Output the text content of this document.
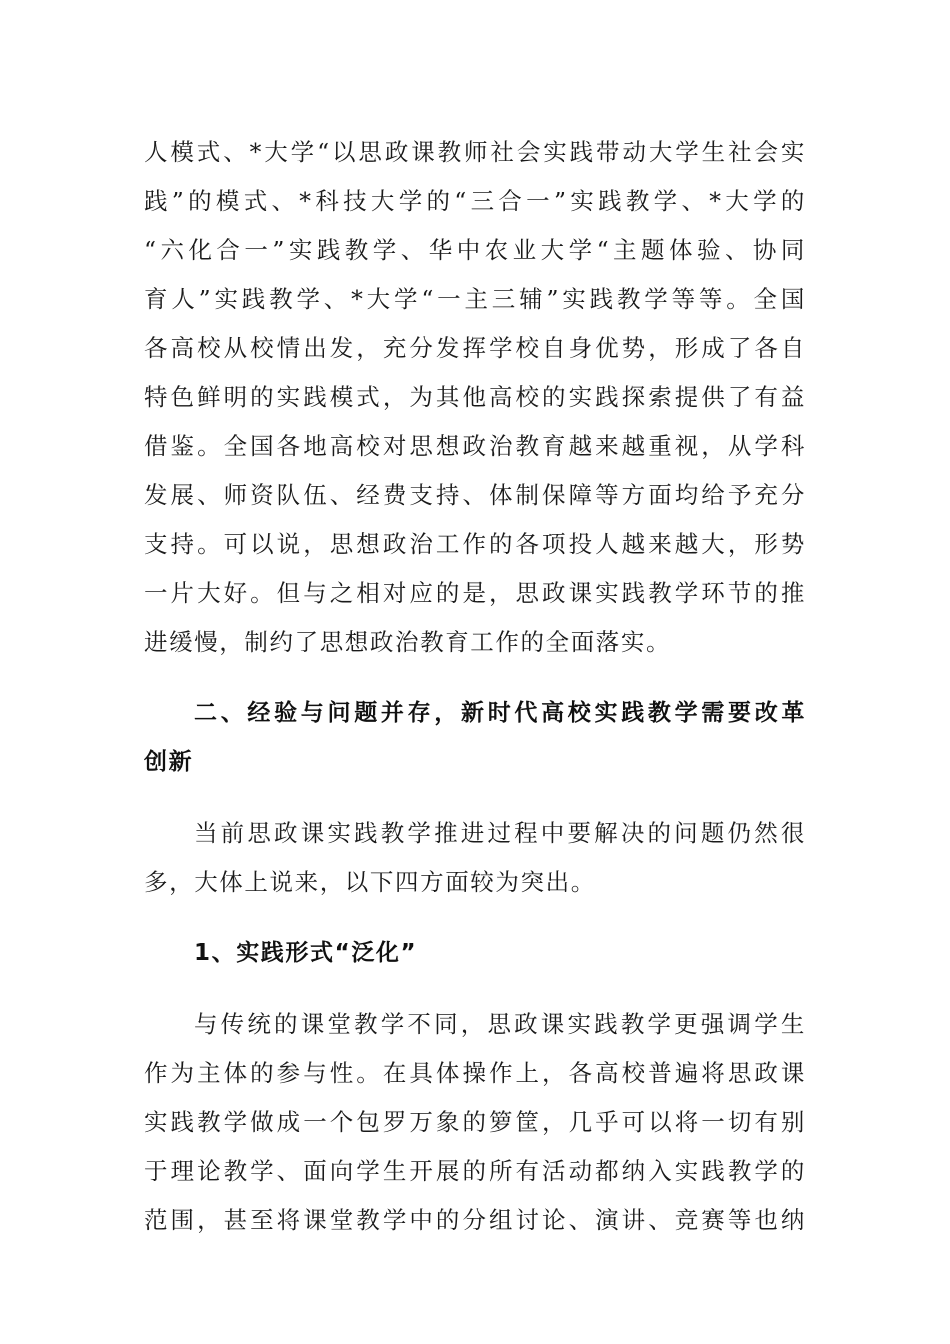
人模式、*大学“以思政课教师社会实践带动大学生社会实
践”的模式、*科技大学的“三合一”实践教学、*大学的
“六化合一”实践教学、华中农业大学“主题体验、协同
育人”实践教学、*大学“一主三辅”实践教学等等。全国
各高校从校情出发，充分发挥学校自身优势，形成了各自
特色鲜明的实践模式，为其他高校的实践探索提供了有益
借鉴。全国各地高校对思想政治教育越来越重视，从学科
发展、师资队伍、经费支持、体制保障等方面均给予充分
支持。可以说，思想政治工作的各项投人越来越大，形势
一片大好。但与之相对应的是，思政课实践教学环节的推
进缓慢，制约了思想政治教育工作的全面落实。
二、经验与问题并存，新时代高校实践教学需要改革
创新
当前思政课实践教学推进过程中要解决的问题仍然很
多，大体上说来，以下四方面较为突出。
1、实践形式“泛化”
与传统的课堂教学不同，思政课实践教学更强调学生
作为主体的参与性。在具体操作上，各高校普遍将思政课
实践教学做成一个包罗万象的箩筐，几乎可以将一切有别
于理论教学、面向学生开展的所有活动都纳入实践教学的
范围，甚至将课堂教学中的分组讨论、演讲、竞赛等也纳
